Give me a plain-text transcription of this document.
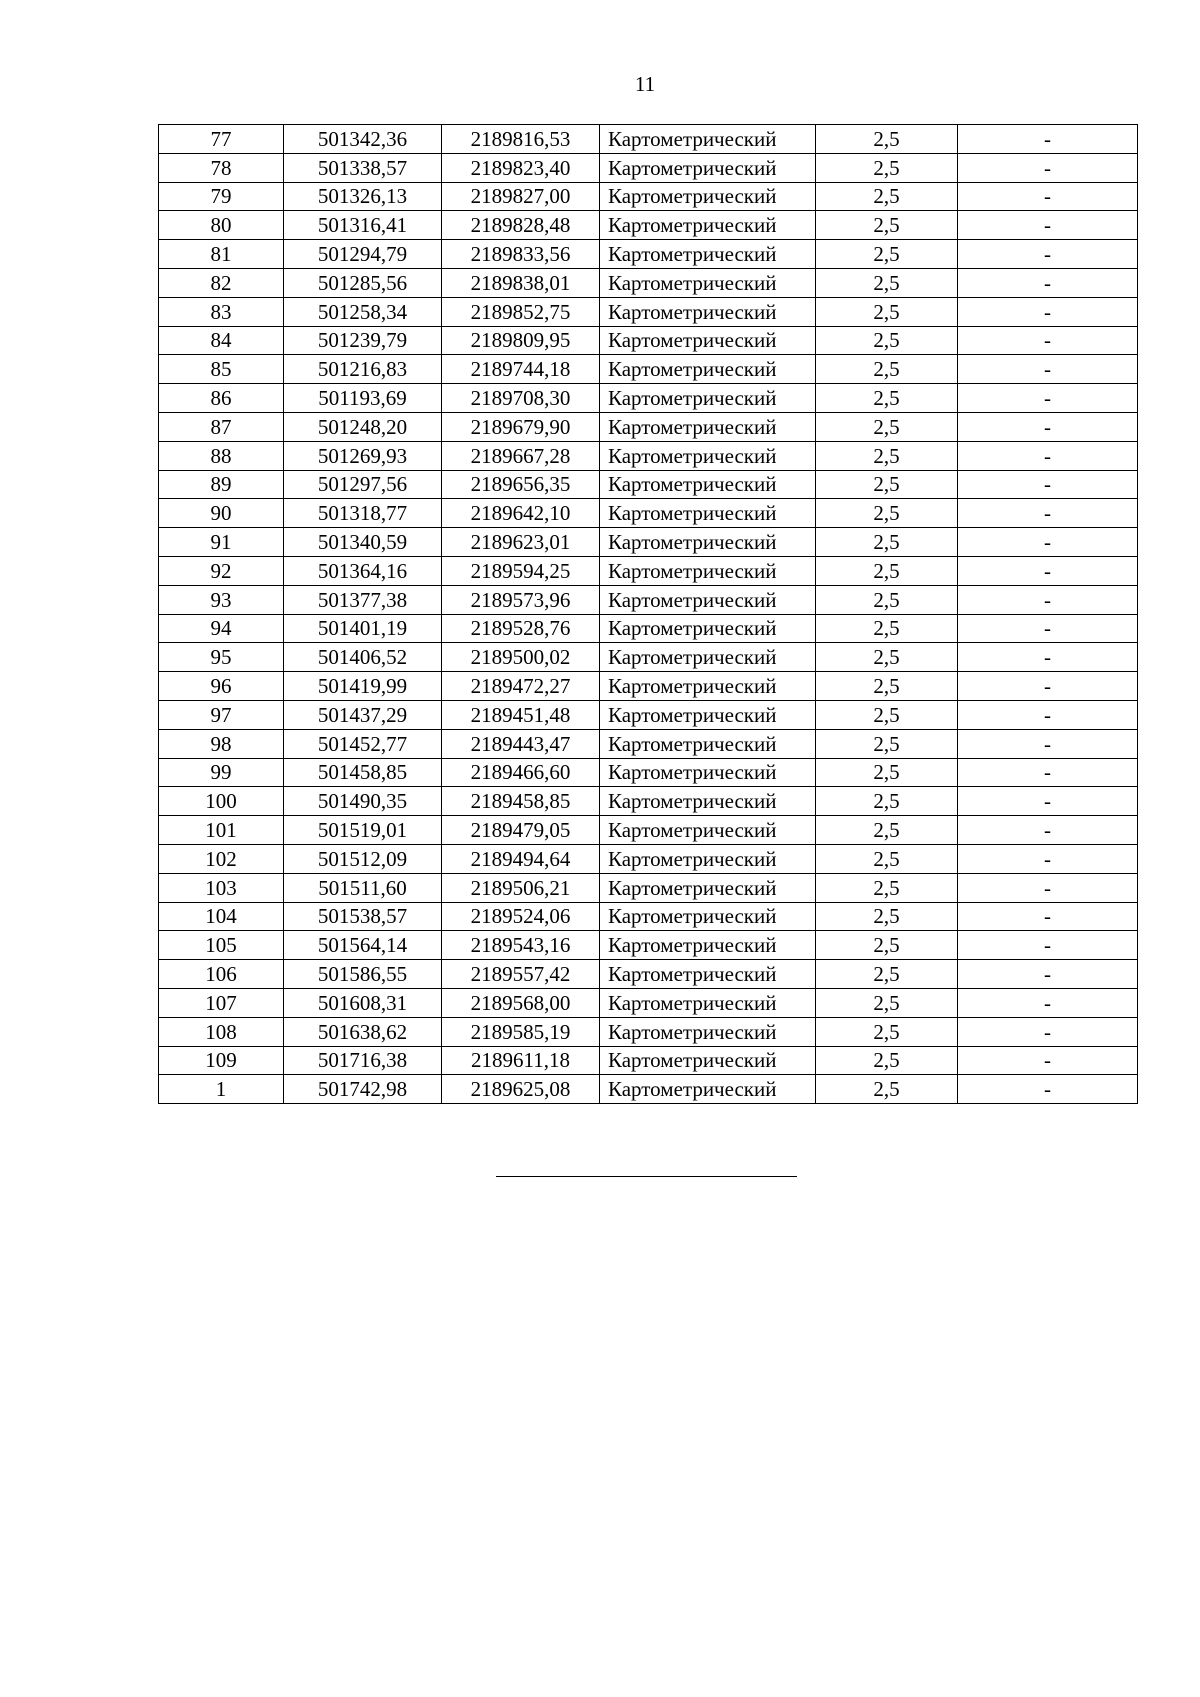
11
77	501342,36	2189816,53	Картометрический	2,5	-
78	501338,57	2189823,40	Картометрический	2,5	-
79	501326,13	2189827,00	Картометрический	2,5	-
80	501316,41	2189828,48	Картометрический	2,5	-
81	501294,79	2189833,56	Картометрический	2,5	-
82	501285,56	2189838,01	Картометрический	2,5	-
83	501258,34	2189852,75	Картометрический	2,5	-
84	501239,79	2189809,95	Картометрический	2,5	-
85	501216,83	2189744,18	Картометрический	2,5	-
86	501193,69	2189708,30	Картометрический	2,5	-
87	501248,20	2189679,90	Картометрический	2,5	-
88	501269,93	2189667,28	Картометрический	2,5	-
89	501297,56	2189656,35	Картометрический	2,5	-
90	501318,77	2189642,10	Картометрический	2,5	-
91	501340,59	2189623,01	Картометрический	2,5	-
92	501364,16	2189594,25	Картометрический	2,5	-
93	501377,38	2189573,96	Картометрический	2,5	-
94	501401,19	2189528,76	Картометрический	2,5	-
95	501406,52	2189500,02	Картометрический	2,5	-
96	501419,99	2189472,27	Картометрический	2,5	-
97	501437,29	2189451,48	Картометрический	2,5	-
98	501452,77	2189443,47	Картометрический	2,5	-
99	501458,85	2189466,60	Картометрический	2,5	-
100	501490,35	2189458,85	Картометрический	2,5	-
101	501519,01	2189479,05	Картометрический	2,5	-
102	501512,09	2189494,64	Картометрический	2,5	-
103	501511,60	2189506,21	Картометрический	2,5	-
104	501538,57	2189524,06	Картометрический	2,5	-
105	501564,14	2189543,16	Картометрический	2,5	-
106	501586,55	2189557,42	Картометрический	2,5	-
107	501608,31	2189568,00	Картометрический	2,5	-
108	501638,62	2189585,19	Картометрический	2,5	-
109	501716,38	2189611,18	Картометрический	2,5	-
1	501742,98	2189625,08	Картометрический	2,5	-
